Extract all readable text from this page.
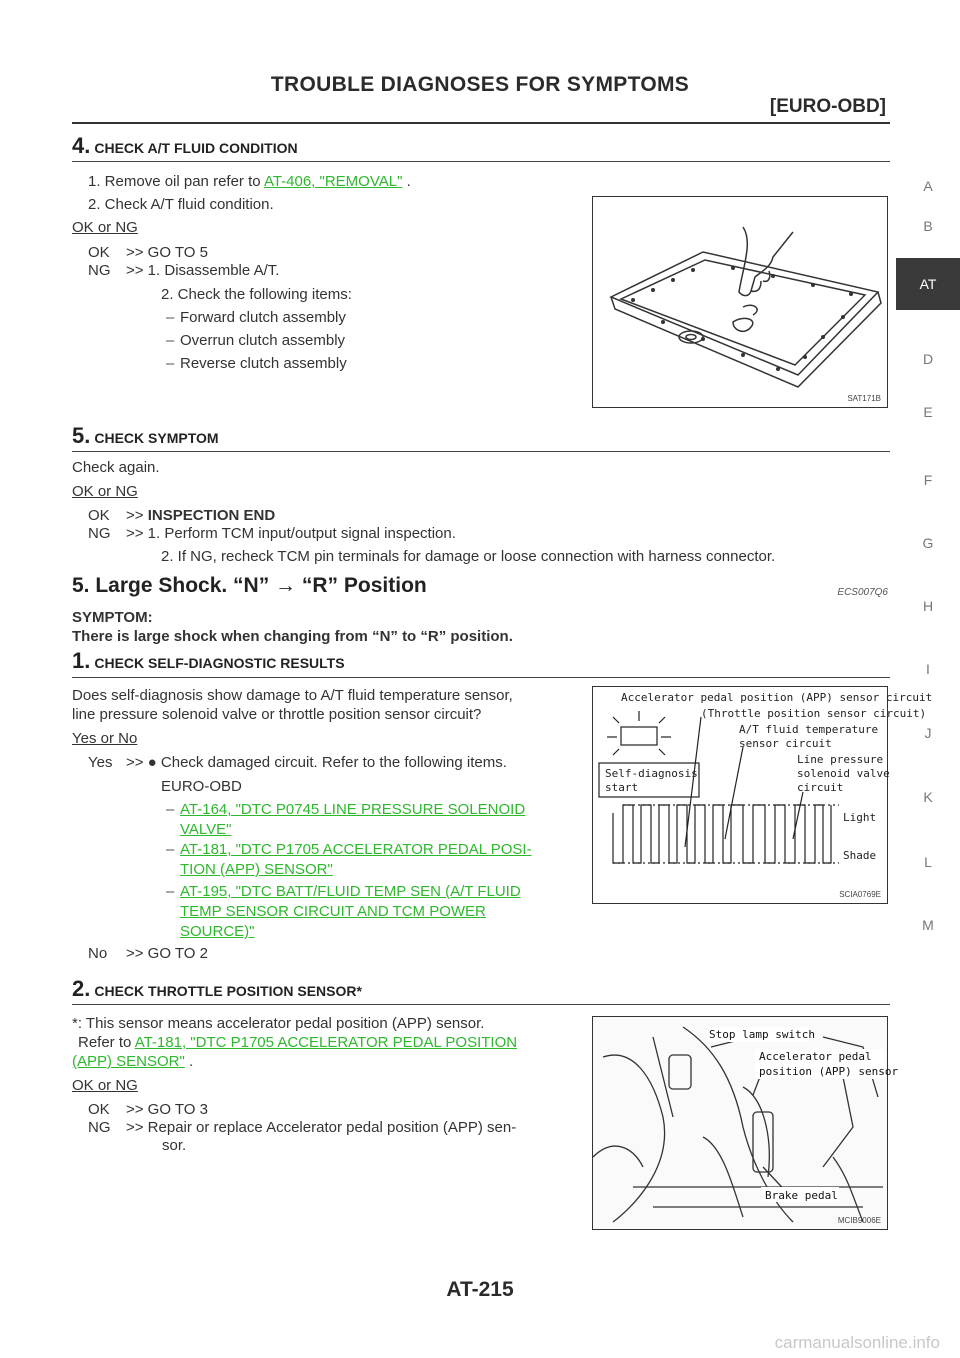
TROUBLE DIAGNOSES FOR SYMPTOMS
[EURO-OBD]
A
B
AT
D
E
F
G
H
I
J
K
L
M
4. CHECK A/T FLUID CONDITION
1. Remove oil pan refer to AT-406, "REMOVAL" .
2. Check A/T fluid condition.
OK or NG
OK >> GO TO 5
NG >> 1. Disassemble A/T.
2. Check the following items:
– Forward clutch assembly
– Overrun clutch assembly
– Reverse clutch assembly
SAT171B
5. CHECK SYMPTOM
Check again.
OK or NG
OK >> INSPECTION END
NG >> 1. Perform TCM input/output signal inspection.
2. If NG, recheck TCM pin terminals for damage or loose connection with harness connector.
5. Large Shock. “N” → “R” Position	ECS007Q6
SYMPTOM:
There is large shock when changing from “N” to “R” position.
1. CHECK SELF-DIAGNOSTIC RESULTS
Does self-diagnosis show damage to A/T fluid temperature sensor,
line pressure solenoid valve or throttle position sensor circuit?
Yes or No
Yes >> ● Check damaged circuit. Refer to the following items.
EURO-OBD
– AT-164, "DTC P0745 LINE PRESSURE SOLENOID
VALVE"
– AT-181, "DTC P1705 ACCELERATOR PEDAL POSI-
TION (APP) SENSOR"
– AT-195, "DTC BATT/FLUID TEMP SEN (A/T FLUID
TEMP SENSOR CIRCUIT AND TCM POWER
SOURCE)"
No >> GO TO 2
Accelerator pedal position (APP) sensor circuit
(Throttle position sensor circuit)
A/T fluid temperature
sensor circuit
Line pressure
solenoid valve
circuit
Self-diagnosis
start
Light
Shade
SCIA0769E
2. CHECK THROTTLE POSITION SENSOR*
*: This sensor means accelerator pedal position (APP) sensor.
Refer to AT-181, "DTC P1705 ACCELERATOR PEDAL POSITION
(APP) SENSOR" .
OK or NG
OK >> GO TO 3
NG >> Repair or replace Accelerator pedal position (APP) sen-
sor.
Stop lamp switch
Accelerator pedal
position (APP) sensor
Brake pedal
MCIB9006E
AT-215
carmanualsonline.info
